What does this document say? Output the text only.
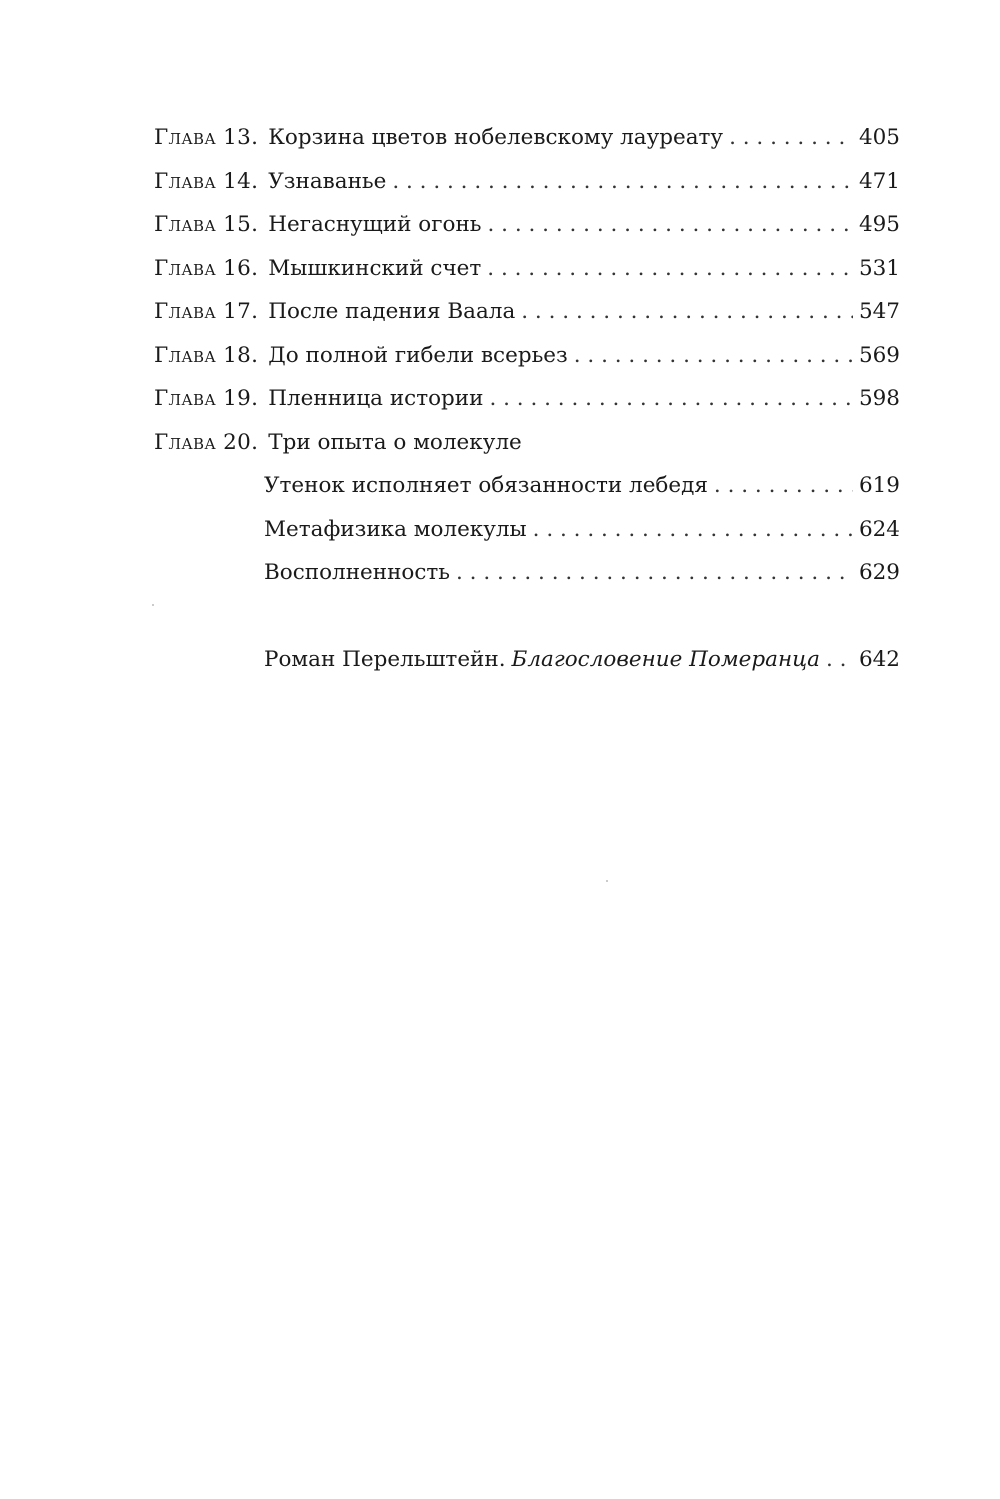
Глава 13. Корзина цветов нобелевскому лауреату . . .	405
Глава 14. Узнаванье . . .	471
Глава 15. Негаснущий огонь . . .	495
Глава 16. Мышкинский счет . . .	531
Глава 17. После падения Ваала . . .	547
Глава 18. До полной гибели всерьез . . .	569
Глава 19. Пленница истории . . .	598
Глава 20. Три опыта о молекуле
Утенок исполняет обязанности лебедя . . .	619
Метафизика молекулы . . .	624
Восполненность . . .	629
Роман Перельштейн. Благословение Померанца . . . 642
